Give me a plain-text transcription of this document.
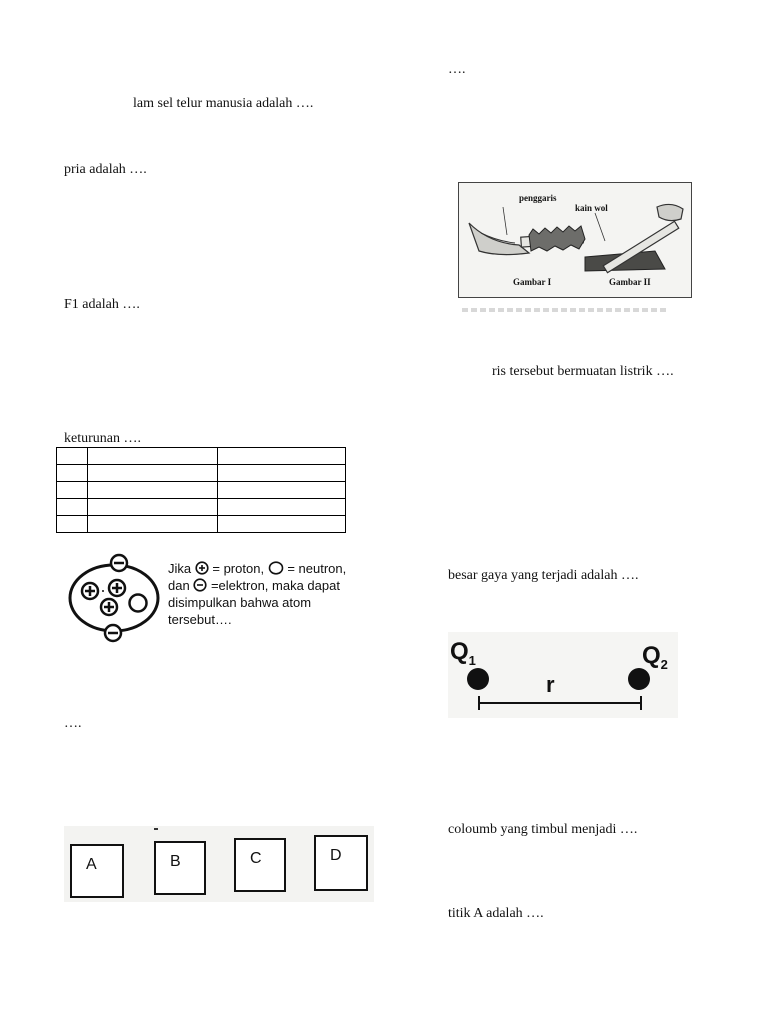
lam sel telur manusia adalah ….
pria adalah ….
F1 adalah ….
keturunan ….

Jika = proton, = neutron,
dan =elektron, maka dapat
disimpulkan bahwa atom
tersebut….
….
A	B	C	D
….
penggaris
kain wol
Gambar I	Gambar II
ris tersebut bermuatan listrik ….
besar gaya yang terjadi adalah ….
$Q_1$	$Q_2$
r
coloumb yang timbul menjadi ….
titik A adalah ….
